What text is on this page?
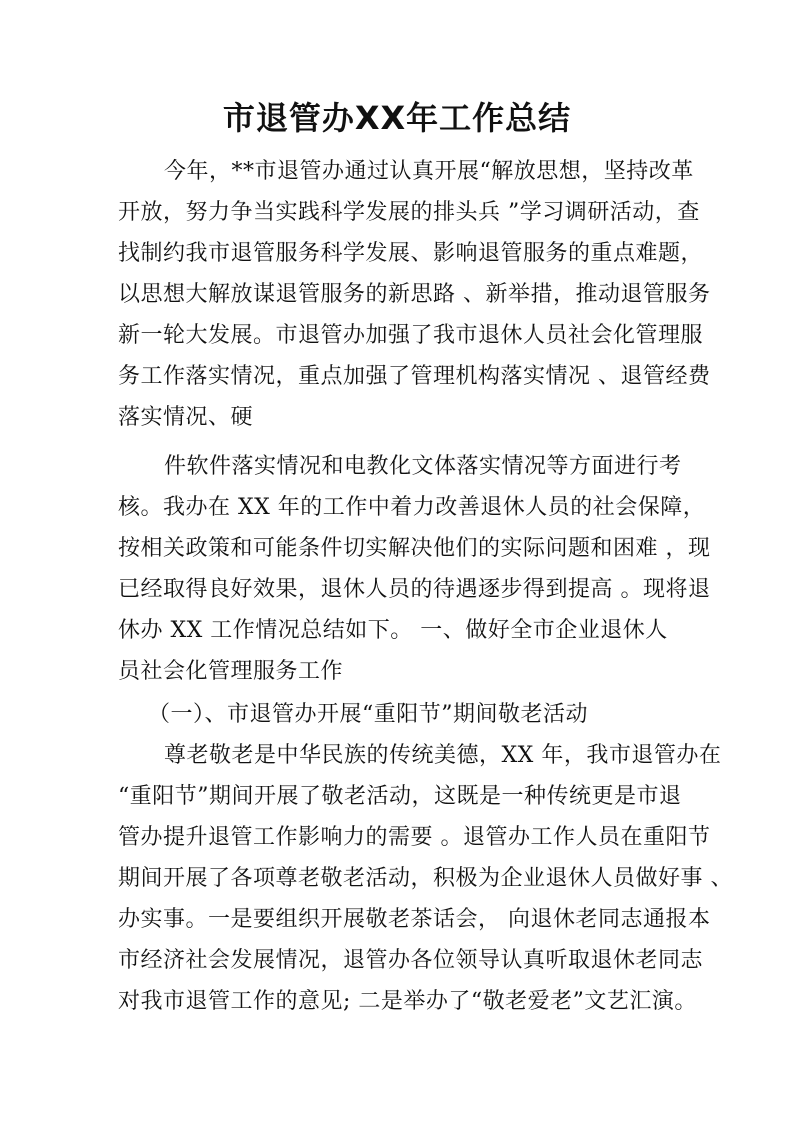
市退管办XX年工作总结
今年，**市退管办通过认真开展“解放思想，坚持改革
开放，努力争当实践科学发展的排头兵 ”学习调研活动，查
找制约我市退管服务科学发展、影响退管服务的重点难题，
以思想大解放谋退管服务的新思路 、新举措，推动退管服务
新一轮大发展。市退管办加强了我市退休人员社会化管理服
务工作落实情况，重点加强了管理机构落实情况 、退管经费
落实情况、硬
件软件落实情况和电教化文体落实情况等方面进行考
核。我办在 XX 年的工作中着力改善退休人员的社会保障，
按相关政策和可能条件切实解决他们的实际问题和困难 ，现
已经取得良好效果，退休人员的待遇逐步得到提高 。现将退
休办 XX 工作情况总结如下。 一、做好全市企业退休人
员社会化管理服务工作
（一）、市退管办开展“重阳节”期间敬老活动
尊老敬老是中华民族的传统美德，XX 年，我市退管办在
“重阳节”期间开展了敬老活动，这既是一种传统更是市退
管办提升退管工作影响力的需要 。退管办工作人员在重阳节
期间开展了各项尊老敬老活动，积极为企业退休人员做好事 、
办实事。一是要组织开展敬老茶话会， 向退休老同志通报本
市经济社会发展情况，退管办各位领导认真听取退休老同志
对我市退管工作的意见; 二是举办了“敬老爱老”文艺汇演。
